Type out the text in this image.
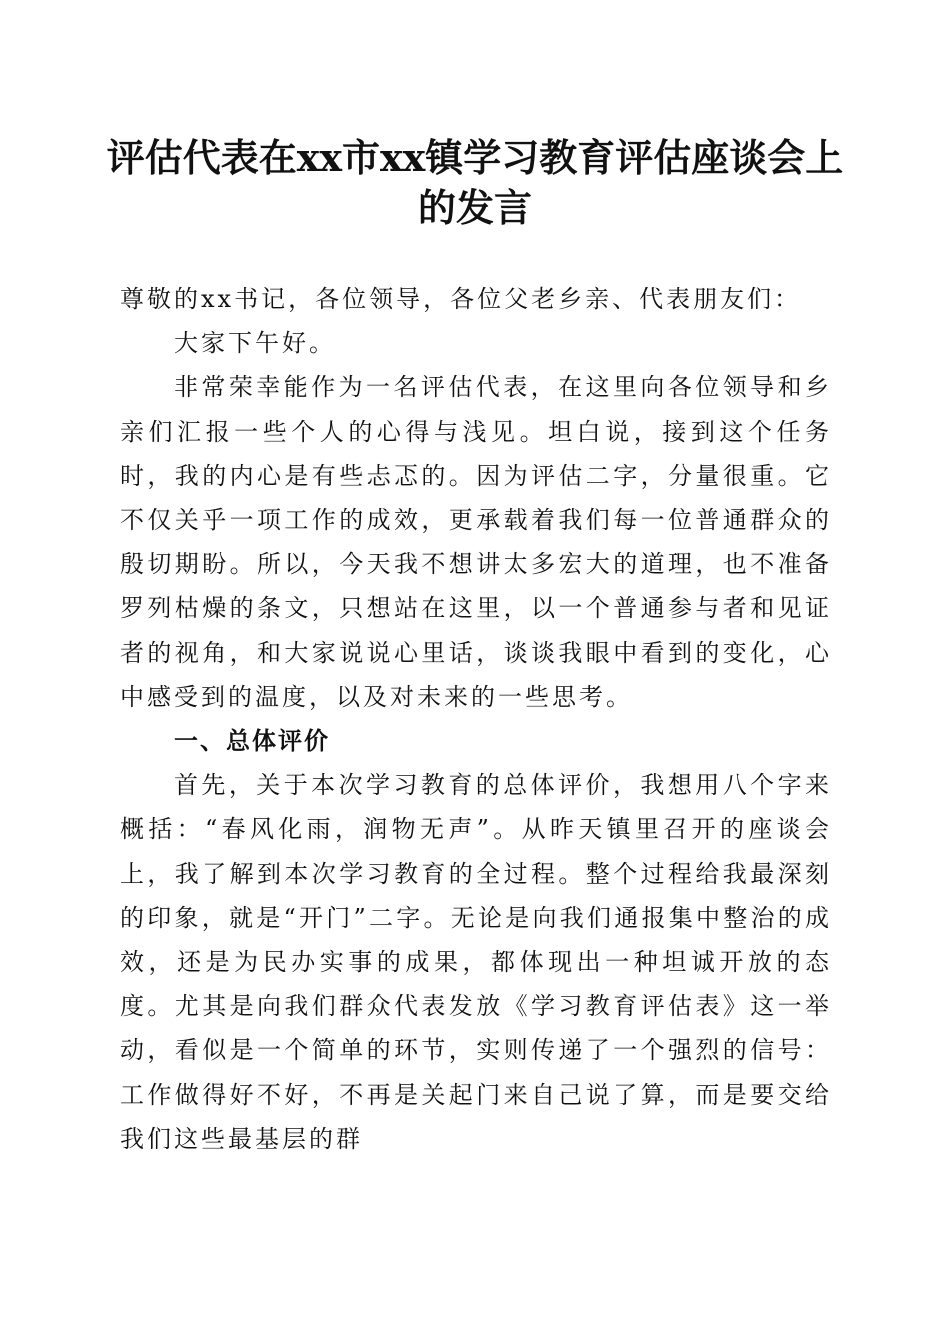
评估代表在xx市xx镇学习教育评估座谈会上的发言

尊敬的xx书记，各位领导，各位父老乡亲、代表朋友们：

大家下午好。

非常荣幸能作为一名评估代表，在这里向各位领导和乡亲们汇报一些个人的心得与浅见。坦白说，接到这个任务时，我的内心是有些忐忑的。因为评估二字，分量很重。它不仅关乎一项工作的成效，更承载着我们每一位普通群众的殷切期盼。所以，今天我不想讲太多宏大的道理，也不准备罗列枯燥的条文，只想站在这里，以一个普通参与者和见证者的视角，和大家说说心里话，谈谈我眼中看到的变化，心中感受到的温度，以及对未来的一些思考。

一、总体评价

首先，关于本次学习教育的总体评价，我想用八个字来概括：“春风化雨，润物无声”。从昨天镇里召开的座谈会上，我了解到本次学习教育的全过程。整个过程给我最深刻的印象，就是“开门”二字。无论是向我们通报集中整治的成效，还是为民办实事的成果，都体现出一种坦诚开放的态度。尤其是向我们群众代表发放《学习教育评估表》这一举动，看似是一个简单的环节，实则传递了一个强烈的信号：工作做得好不好，不再是关起门来自己说了算，而是要交给我们这些最基层的群
